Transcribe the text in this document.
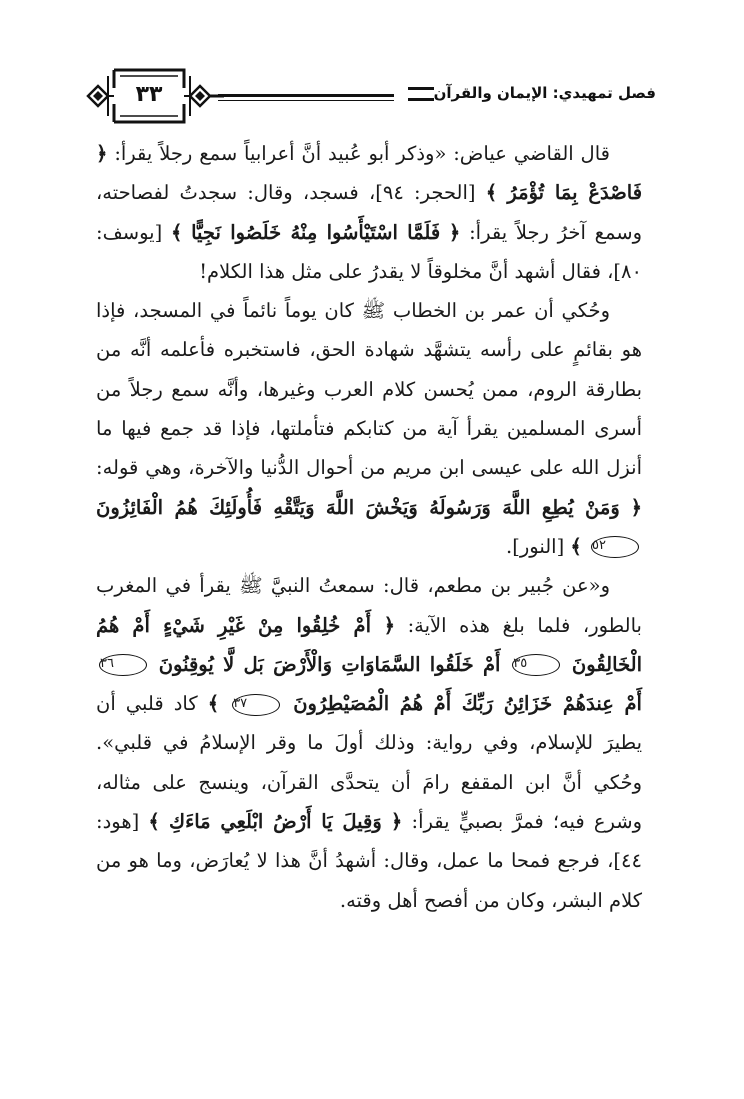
٣٣	فصل تمهيدي: الإيمان والقرآن

قال القاضي عياض: «وذكر أبو عُبيد أنَّ أعرابياً سمع رجلاً يقرأ: ﴿ فَاصْدَعْ بِمَا تُؤْمَرُ ﴾ [الحجر: ٩٤]، فسجد، وقال: سجدتُ لفصاحته، وسمع آخرُ رجلاً يقرأ: ﴿ فَلَمَّا اسْتَيْأَسُوا مِنْهُ خَلَصُوا نَجِيًّا ﴾ [يوسف: ٨٠]، فقال أشهد أنَّ مخلوقاً لا يقدرُ على مثل هذا الكلام!

وحُكي أن عمر بن الخطاب ﷺ كان يوماً نائماً في المسجد، فإذا هو بقائمٍ على رأسه يتشهَّد شهادة الحق، فاستخبره فأعلمه أنَّه من بطارقة الروم، ممن يُحسن كلام العرب وغيرها، وأنَّه سمع رجلاً من أسرى المسلمين يقرأ آية من كتابكم فتأملتها، فإذا قد جمع فيها ما أنزل الله على عيسى ابن مريم من أحوال الدُّنيا والآخرة، وهي قوله: ﴿ وَمَنْ يُطِعِ اللَّهَ وَرَسُولَهُ وَيَخْشَ اللَّهَ وَيَتَّقْهِ فَأُولَئِكَ هُمُ الْفَائِزُونَ ٥٢ ﴾ [النور].

و«عن جُبير بن مطعم، قال: سمعتُ النبيَّ ﷺ يقرأ في المغرب بالطور، فلما بلغ هذه الآية: ﴿ أَمْ خُلِقُوا مِنْ غَيْرِ شَيْءٍ أَمْ هُمُ الْخَالِقُونَ ٣٥ أَمْ خَلَقُوا السَّمَاوَاتِ وَالْأَرْضَ بَل لَّا يُوقِنُونَ ٣٦ أَمْ عِندَهُمْ خَزَائِنُ رَبِّكَ أَمْ هُمُ الْمُصَيْطِرُونَ ٣٧ ﴾ كاد قلبي أن يطيرَ للإسلام، وفي رواية: وذلك أولَ ما وقر الإسلامُ في قلبي». وحُكي أنَّ ابن المقفع رامَ أن يتحدَّى القرآن، وينسج على مثاله، وشرع فيه؛ فمرَّ بصبيٍّ يقرأ: ﴿ وَقِيلَ يَا أَرْضُ ابْلَعِي مَاءَكِ ﴾ [هود: ٤٤]، فرجع فمحا ما عمل، وقال: أشهدُ أنَّ هذا لا يُعارَض، وما هو من كلام البشر، وكان من أفصح أهل وقته.
